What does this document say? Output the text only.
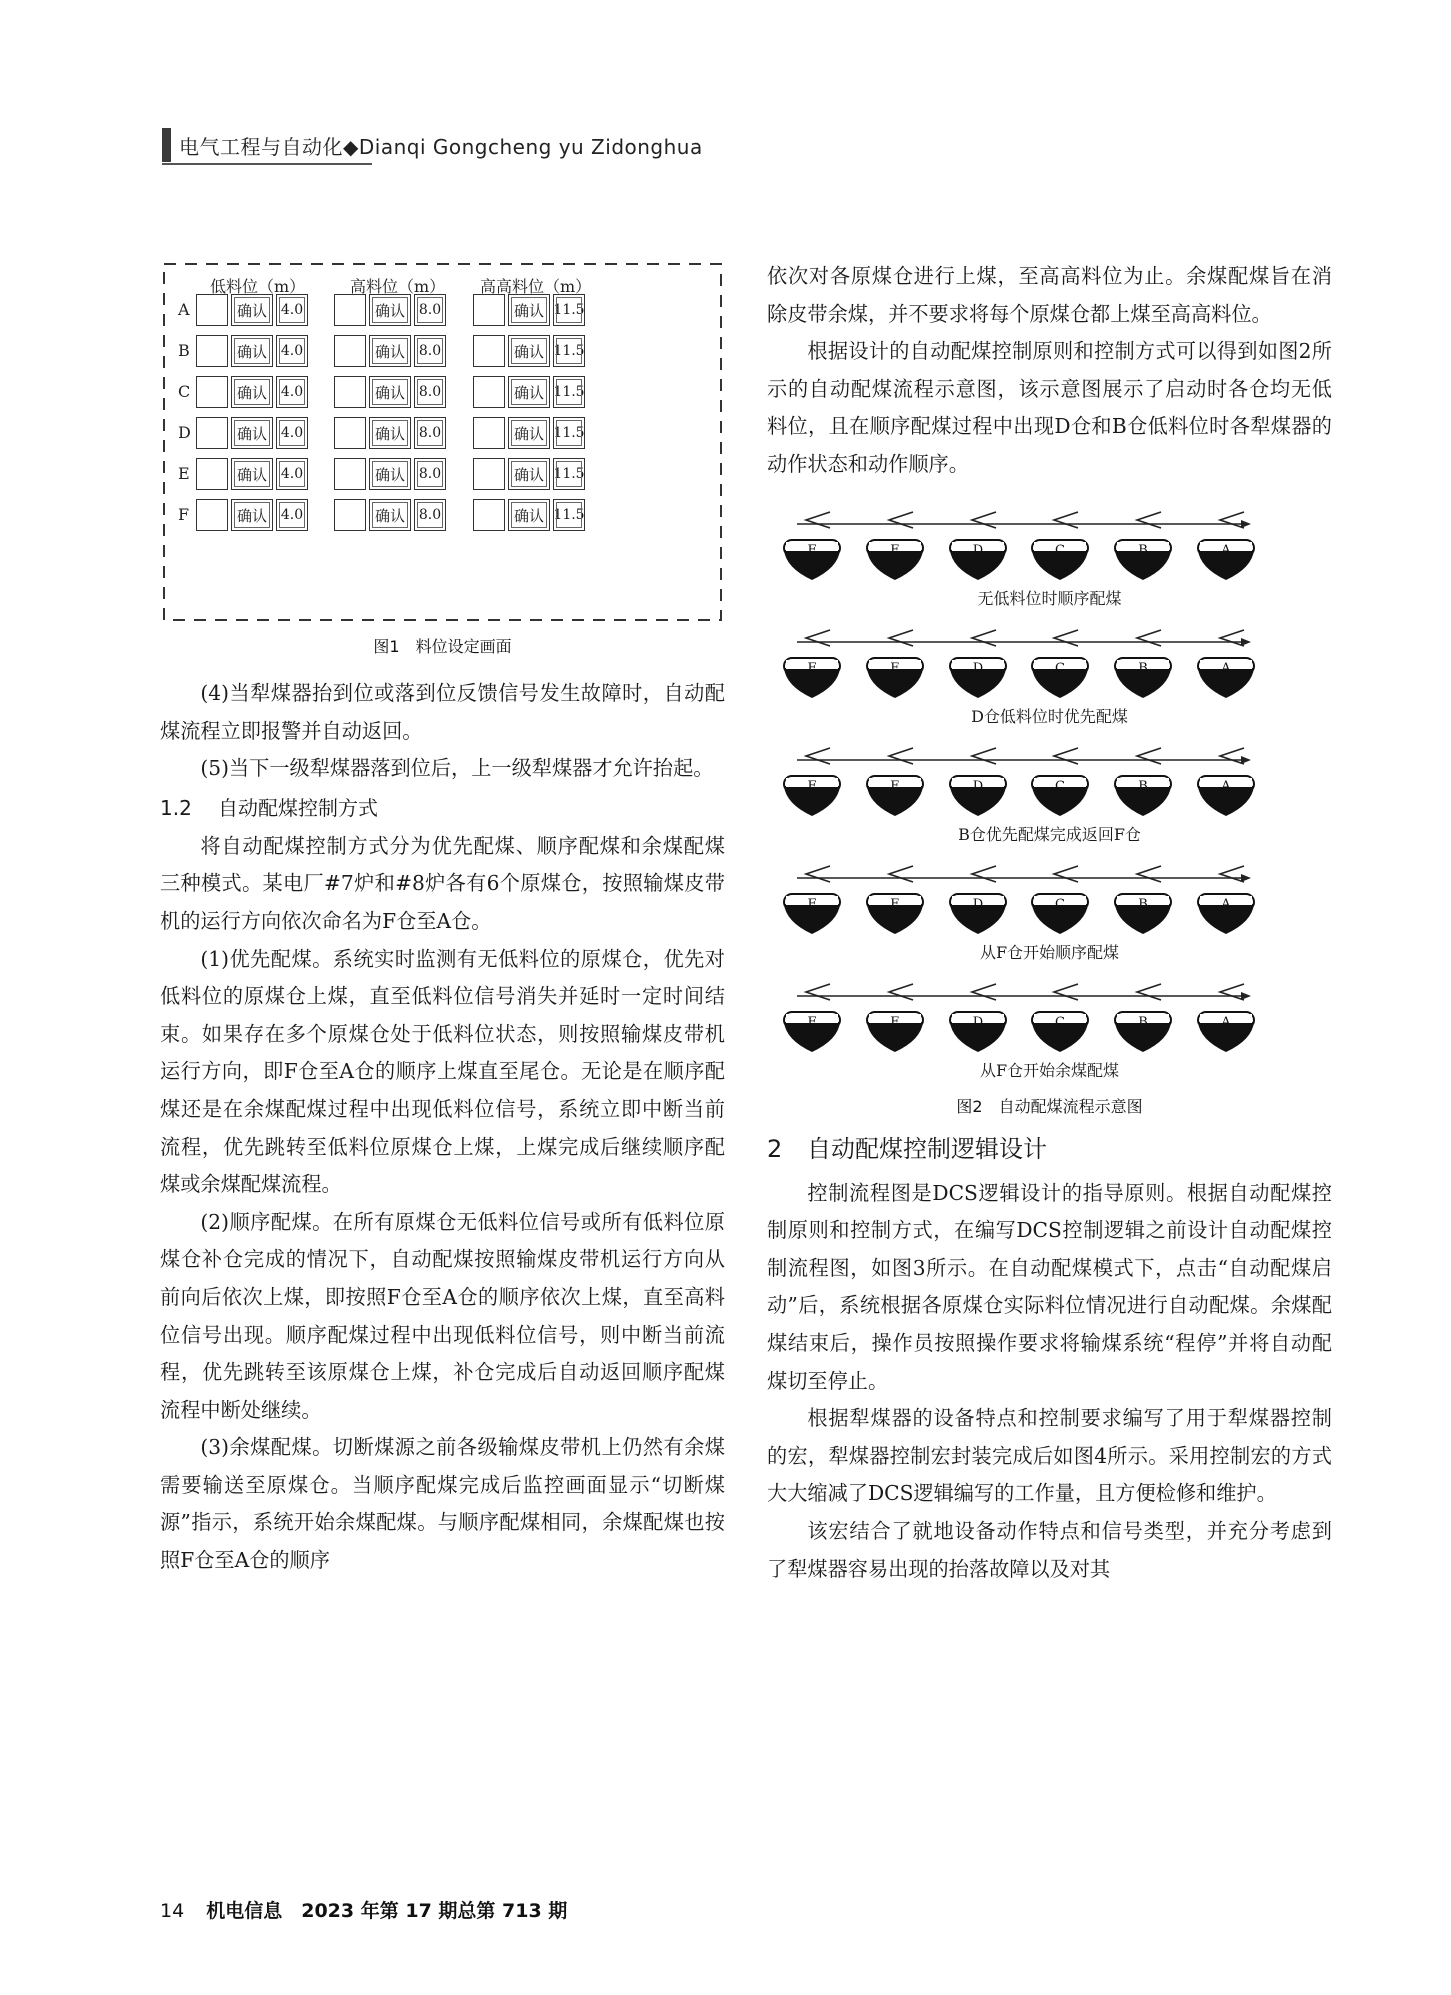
电气工程与自动化◆Dianqi Gongcheng yu Zidonghua
低料位（m）	高料位（m） 高高料位（m）
A	确认 4.0	确认 8.0	确认 11.5
B	确认 4.0	确认 8.0	确认 11.5
C	确认 4.0	确认 8.0	确认 11.5
D	确认 4.0	确认 8.0	确认 11.5
E	确认 4.0	确认 8.0	确认 11.5
F	确认 4.0	确认 8.0	确认 11.5
图1　料位设定画面

(4)当犁煤器抬到位或落到位反馈信号发生故障时，自动配煤流程立即报警并自动返回。

(5)当下一级犁煤器落到位后，上一级犁煤器才允许抬起。

1.2 自动配煤控制方式

将自动配煤控制方式分为优先配煤、顺序配煤和余煤配煤三种模式。某电厂#7炉和#8炉各有6个原煤仓，按照输煤皮带机的运行方向依次命名为F仓至A仓。

(1)优先配煤。系统实时监测有无低料位的原煤仓，优先对低料位的原煤仓上煤，直至低料位信号消失并延时一定时间结束。如果存在多个原煤仓处于低料位状态，则按照输煤皮带机运行方向，即F仓至A仓的顺序上煤直至尾仓。无论是在顺序配煤还是在余煤配煤过程中出现低料位信号，系统立即中断当前流程，优先跳转至低料位原煤仓上煤，上煤完成后继续顺序配煤或余煤配煤流程。

(2)顺序配煤。在所有原煤仓无低料位信号或所有低料位原煤仓补仓完成的情况下，自动配煤按照输煤皮带机运行方向从前向后依次上煤，即按照F仓至A仓的顺序依次上煤，直至高料位信号出现。顺序配煤过程中出现低料位信号，则中断当前流程，优先跳转至该原煤仓上煤，补仓完成后自动返回顺序配煤流程中断处继续。

(3)余煤配煤。切断煤源之前各级输煤皮带机上仍然有余煤需要输送至原煤仓。当顺序配煤完成后监控画面显示“切断煤源”指示，系统开始余煤配煤。与顺序配煤相同，余煤配煤也按照F仓至A仓的顺序

依次对各原煤仓进行上煤，至高高料位为止。余煤配煤旨在消除皮带余煤，并不要求将每个原煤仓都上煤至高高料位。

根据设计的自动配煤控制原则和控制方式可以得到如图2所示的自动配煤流程示意图，该示意图展示了启动时各仓均无低料位，且在顺序配煤过程中出现D仓和B仓低料位时各犁煤器的动作状态和动作顺序。

F	E	D	C	B	A
无低料位时顺序配煤
F	E	D	C	B	A
D仓低料位时优先配煤
F	E	D	C	B	A
B仓优先配煤完成返回F仓
F	E	D	C	B	A
从F仓开始顺序配煤
F	E	D	C	B	A
从F仓开始余煤配煤
图2　自动配煤流程示意图
2 自动配煤控制逻辑设计

控制流程图是DCS逻辑设计的指导原则。根据自动配煤控制原则和控制方式，在编写DCS控制逻辑之前设计自动配煤控制流程图，如图3所示。在自动配煤模式下，点击“自动配煤启动”后，系统根据各原煤仓实际料位情况进行自动配煤。余煤配煤结束后，操作员按照操作要求将输煤系统“程停”并将自动配煤切至停止。

根据犁煤器的设备特点和控制要求编写了用于犁煤器控制的宏，犁煤器控制宏封装完成后如图4所示。采用控制宏的方式大大缩减了DCS逻辑编写的工作量，且方便检修和维护。

该宏结合了就地设备动作特点和信号类型，并充分考虑到了犁煤器容易出现的抬落故障以及对其

14 机电信息　2023 年第 17 期总第 713 期
